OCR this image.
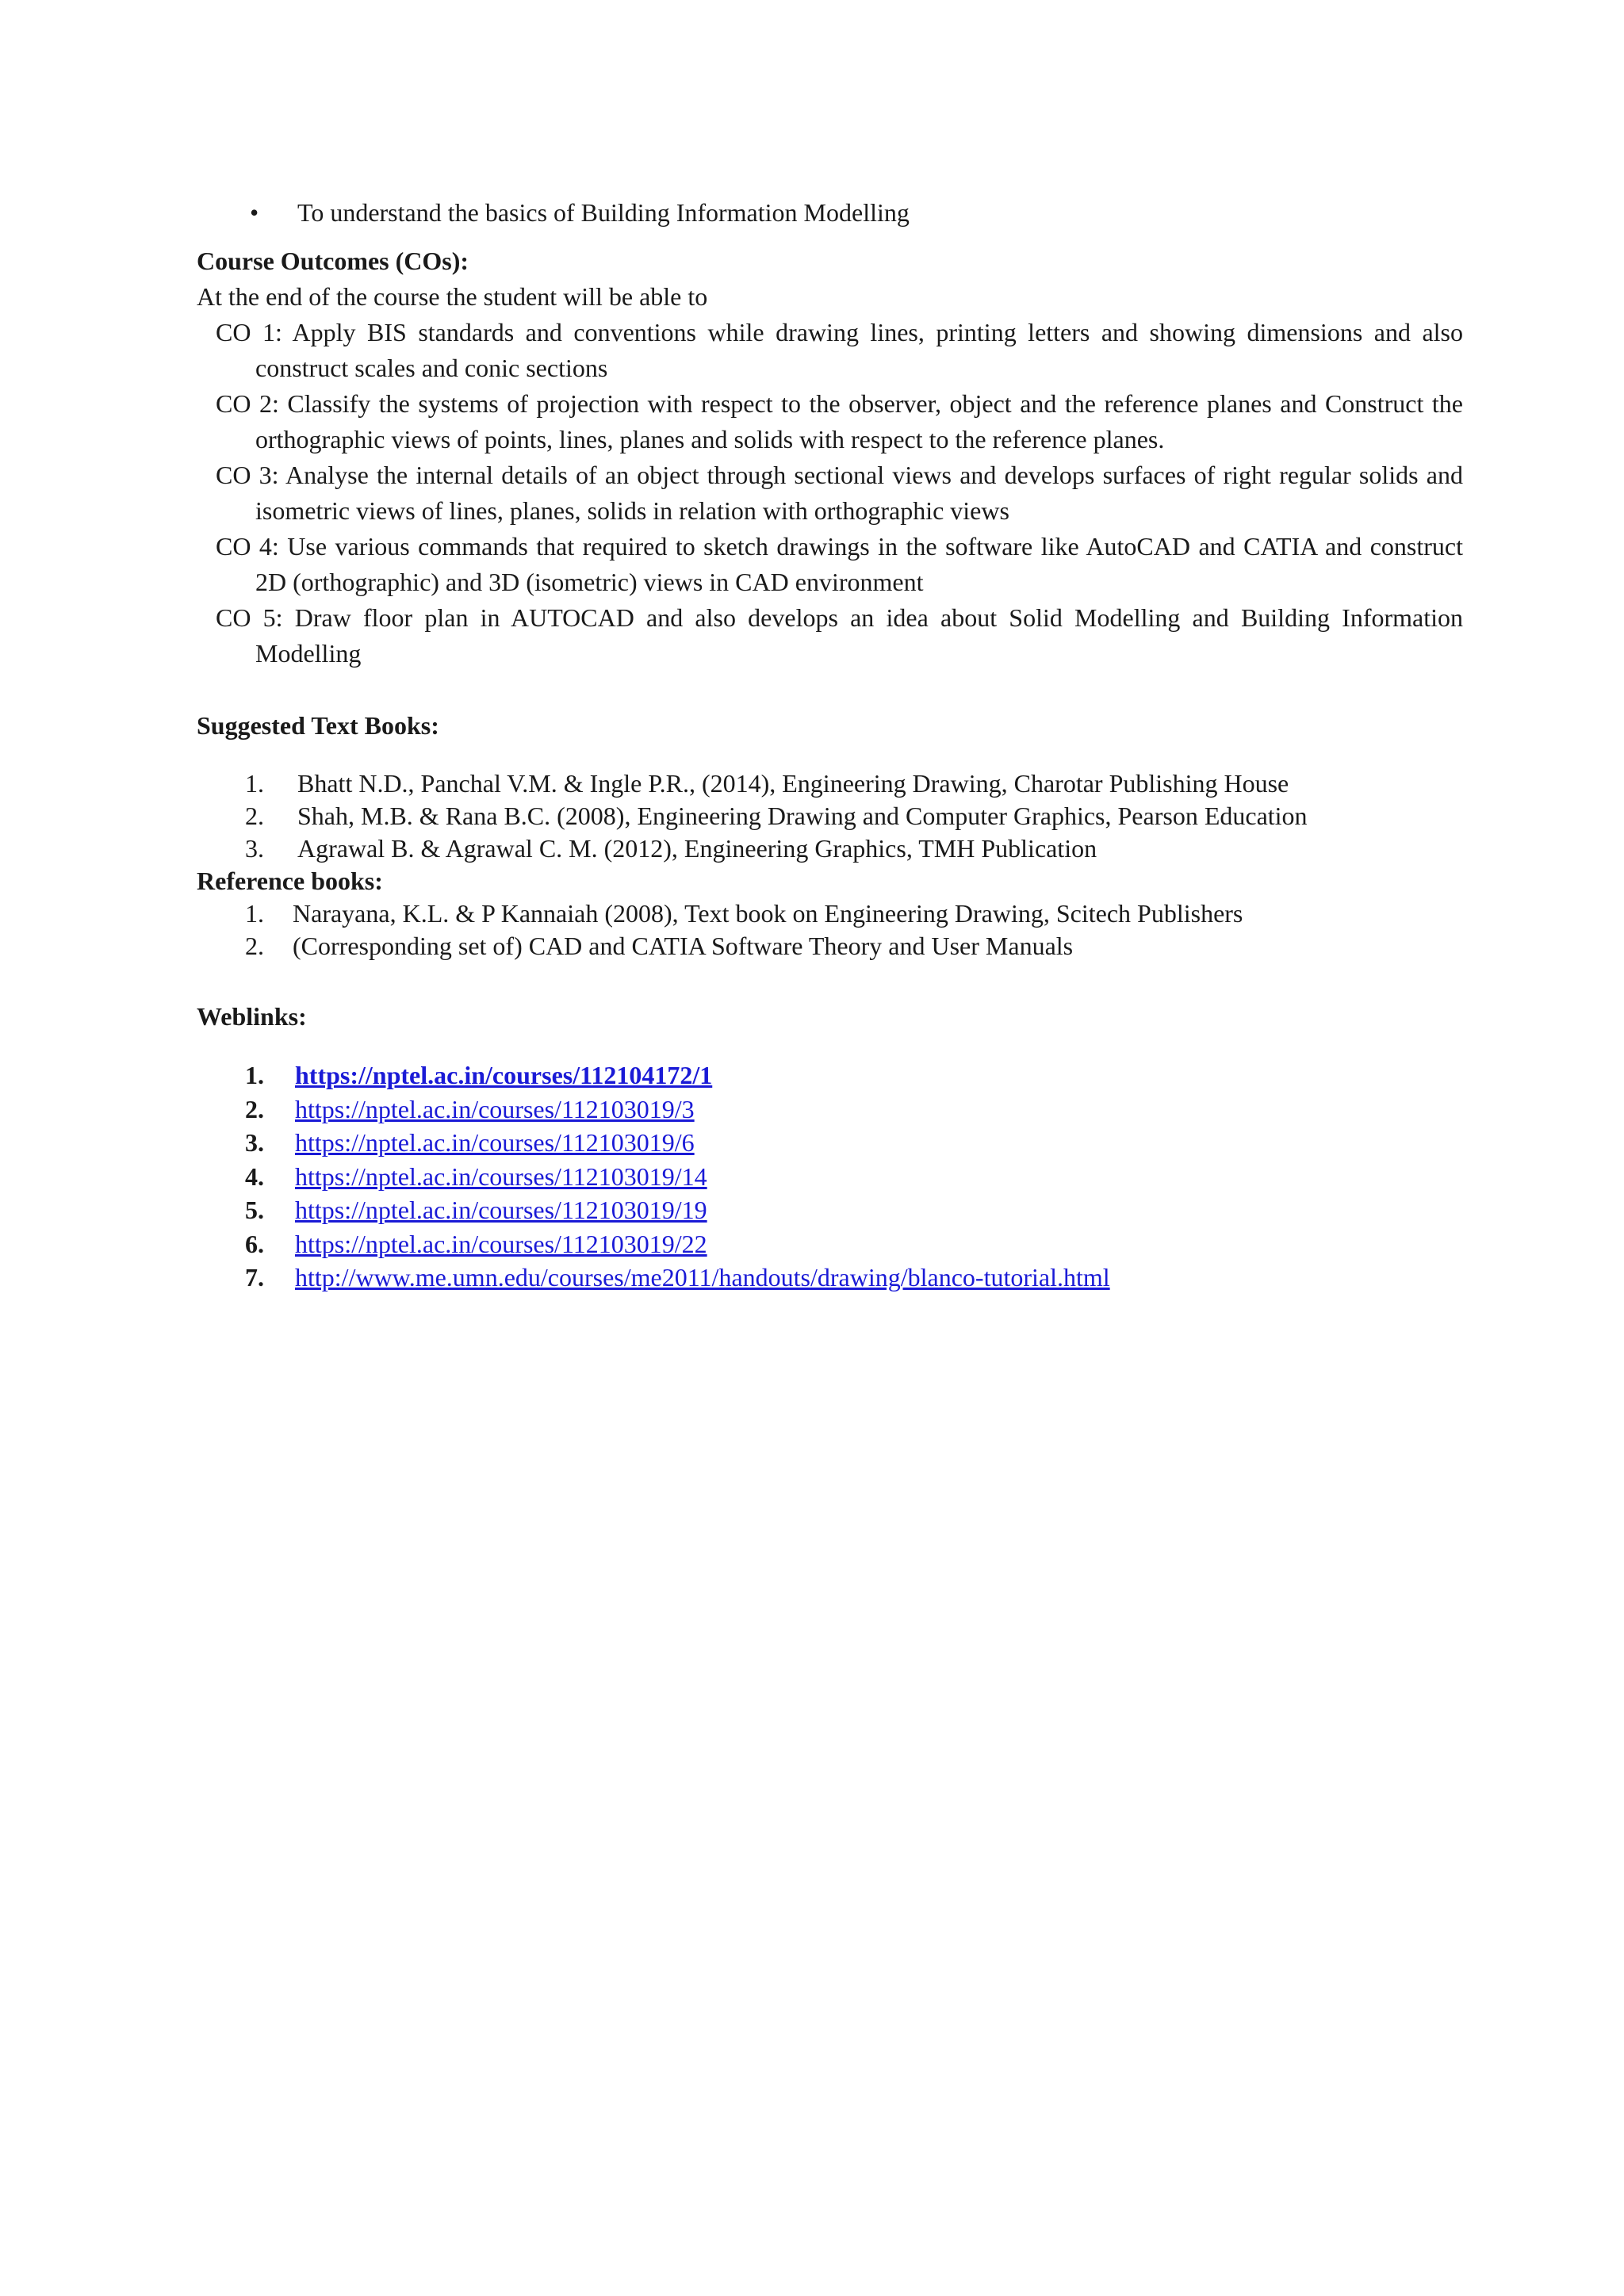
• To understand the basics of Building Information Modelling
Course Outcomes (COs):
At the end of the course the student will be able to
CO 1: Apply BIS standards and conventions while drawing lines, printing letters and showing dimensions and also construct scales and conic sections
CO 2: Classify the systems of projection with respect to the observer, object and the reference planes and Construct the orthographic views of points, lines, planes and solids with respect to the reference planes.
CO 3: Analyse the internal details of an object through sectional views and develops surfaces of right regular solids and isometric views of lines, planes, solids in relation with orthographic views
CO 4: Use various commands that required to sketch drawings in the software like AutoCAD and CATIA and construct 2D (orthographic) and 3D (isometric) views in CAD environment
CO 5: Draw floor plan in AUTOCAD and also develops an idea about Solid Modelling and Building Information Modelling
Suggested Text Books:
1. Bhatt N.D., Panchal V.M. & Ingle P.R., (2014), Engineering Drawing, Charotar Publishing House
2. Shah, M.B. & Rana B.C. (2008), Engineering Drawing and Computer Graphics, Pearson Education
3. Agrawal B. & Agrawal C. M. (2012), Engineering Graphics, TMH Publication
Reference books:
1. Narayana, K.L. & P Kannaiah (2008), Text book on Engineering Drawing, Scitech Publishers
2. (Corresponding set of) CAD and CATIA Software Theory and User Manuals
Weblinks:
1. https://nptel.ac.in/courses/112104172/1
2. https://nptel.ac.in/courses/112103019/3
3. https://nptel.ac.in/courses/112103019/6
4. https://nptel.ac.in/courses/112103019/14
5. https://nptel.ac.in/courses/112103019/19
6. https://nptel.ac.in/courses/112103019/22
7. http://www.me.umn.edu/courses/me2011/handouts/drawing/blanco-tutorial.html
